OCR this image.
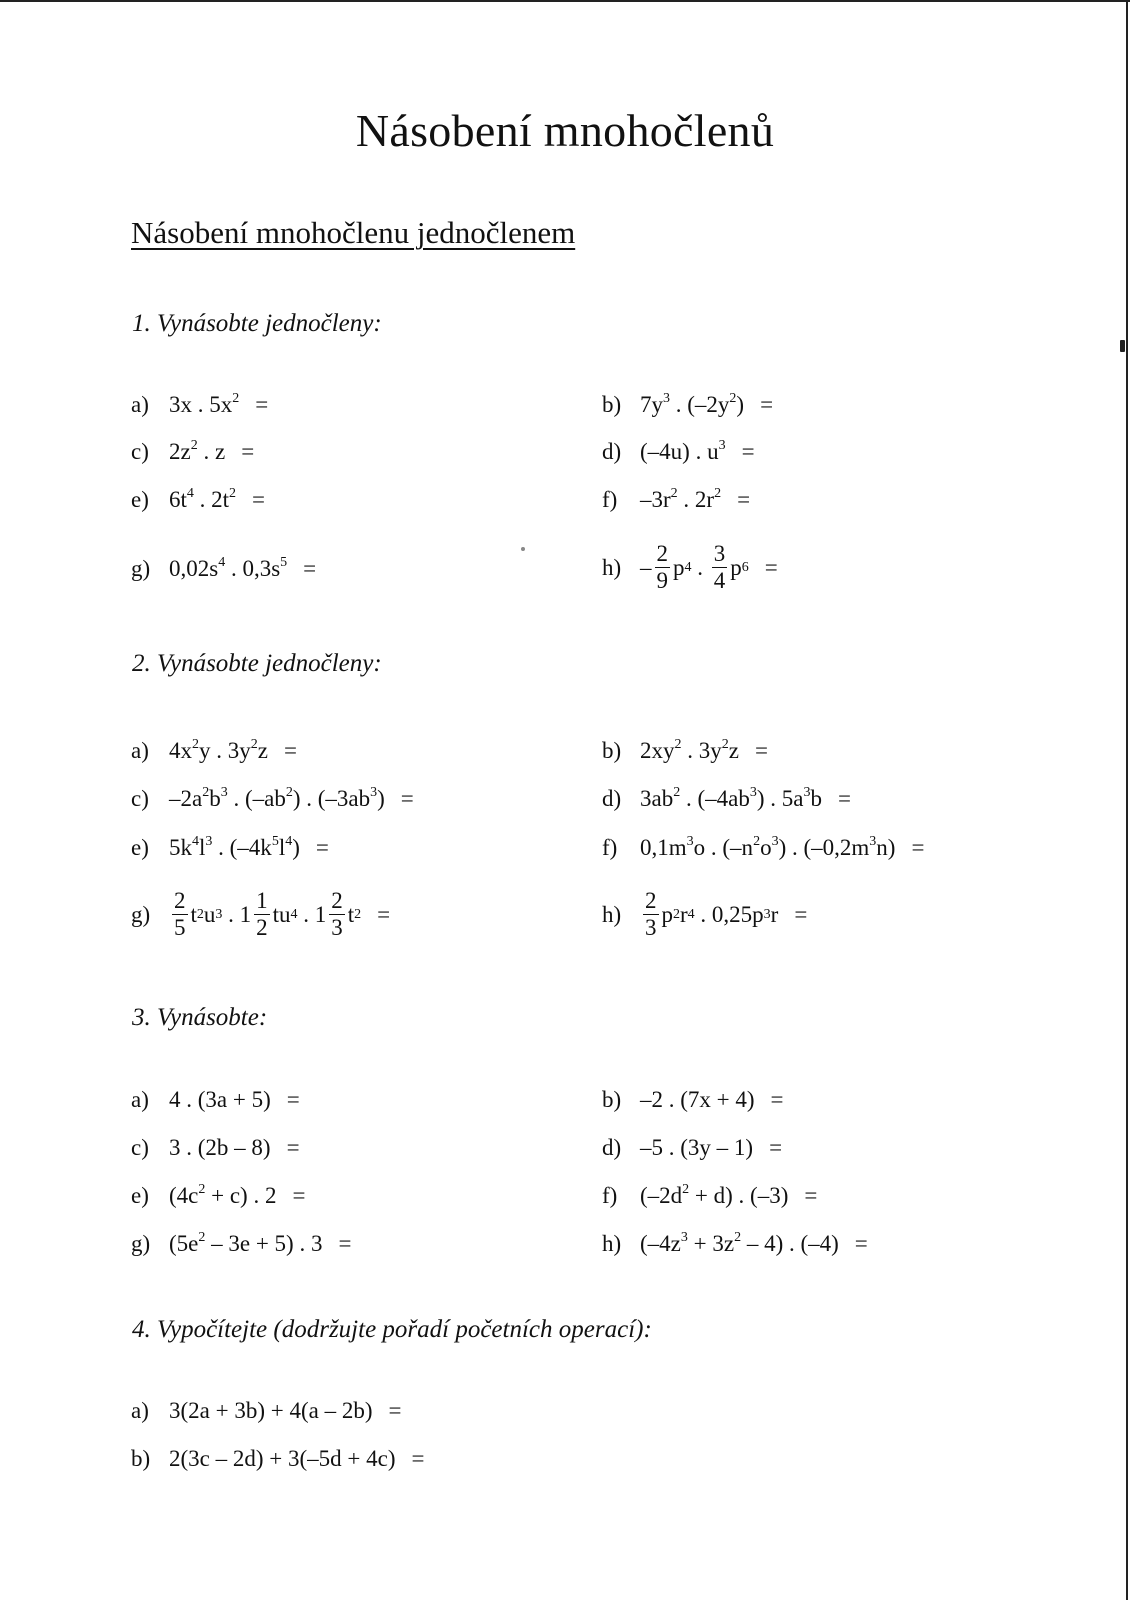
Násobení mnohočlenů
Násobení mnohočlenu jednočlenem
1. Vynásobte jednočleny:
a) 3x . $5x^2$ =	b) $7y^3$ . $(-2y^2)$ =
c) $2z^2$ . z =	d) (–4u) . $u^3$ =
e) $6t^4$ . $2t^2$ =	f) $-3r^2$ . $2r^2$ =
g) $0,02s^4$ . $0,3s^5$ =	$h) - \frac{2}{9}$ p 4 . $\frac{3}{4}$ p 6 =
2. Vynásobte jednočleny:
a) $4x^2y$ . $3y^2z$ =	b) $2xy^2$ . $3y^2z$ =
c) $-2a^2b^3$ . $(-ab^2)$ . $(-3ab^3)$ =	d) $3ab^2$ . $(-4ab^3)$ . $5a^3b$ =
e) $5k^4l^3$ . $(-4k^5l^4)$ =	f) $0,1m^3o$ . $(-n^2o^3)$ . $(-0,2m^3n)$ =
$g) \frac{2}{5}$ t 2 u 3 . $1 \frac{1}{2}$ tu 4 . $1 \frac{2}{3}$ t 2 =	$h) \frac{2}{3}$ p 2 r 4 . 0,25p 3 r =
3. Vynásobte:
a) 4 . (3a + 5) =	b) –2 . (7x + 4) =
c) 3 . (2b – 8) =	d) –5 . (3y – 1) =
e) $(4c^2 + c)$ . 2 =	f) $(-2d^2 + d)$ . (–3) =
g) $(5e^2 - 3e + 5)$ . 3 =	h) $(-4z^3 + 3z^2 - 4)$ . (–4) =
4. Vypočítejte (dodržujte pořadí početních operací):
a) 3(2a + 3b) + 4(a – 2b) =
b) 2(3c – 2d) + 3(–5d + 4c) =
